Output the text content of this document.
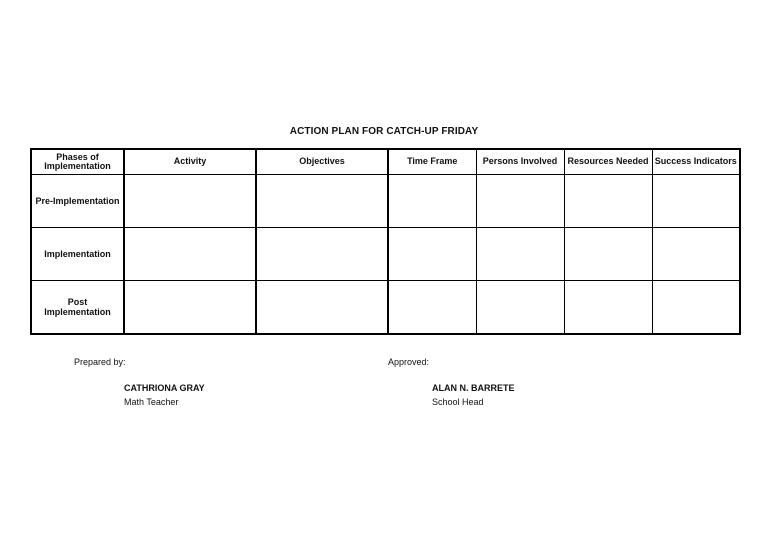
ACTION PLAN FOR CATCH-UP FRIDAY
Phases of Implementation	Activity	Objectives	Time Frame	Persons Involved	Resources Needed	Success Indicators
Pre-Implementation						
Implementation						
Post Implementation						
Prepared by:
CATHRIONA GRAY
Math Teacher
Approved:
ALAN N. BARRETE
School Head
